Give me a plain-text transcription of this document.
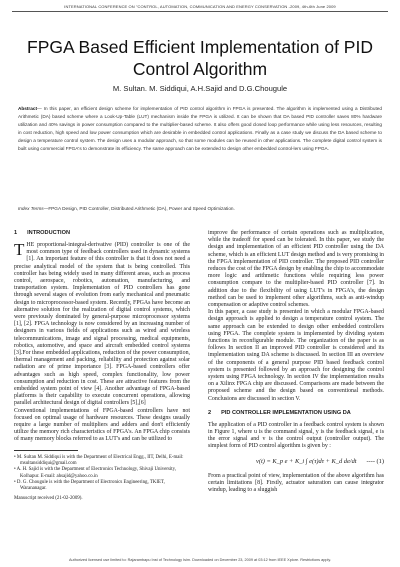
INTERNATIONAL CONFERENCE ON "CONTROL, AUTOMATION, COMMUNICATION AND ENERGY CONSERVATION -2009, 4th-6th June 2009
FPGA Based Efficient Implementation of PID
Control Algorithm
M. Sultan. M. Siddiqui, A.H.Sajid and D.G.Chougule
Abstract— In this paper, an efficient design scheme for implementation of PID control algorithm in FPGA is presented. The algorithm is implemented using a Distributed Arithmetic (DA) based scheme where a Look-Up-Table (LUT) mechanism inside the FPGA is utilized. It can be shown that DA based PID controller saves 80% hardware utilization and 40% savings in power consumption compared to the multiplier-based scheme. It also offers good closed loop performance while using less resources, resulting in cost reduction, high speed and low power consumption which are desirable in embedded control applications. Finally as a case study we discuss the DA based scheme to design a temperature control system. The design uses a modular approach, so that some modules can be reused in other applications. The complete digital control system is built using commercial FPGA's to demonstrate its efficiency. The same approach can be extended to design other embedded control-lers using FPGA.
Index Terms—FPGA Design, PID Controller, Distributed Arithmetic (DA), Power and Speed Optimization.
1 INTRODUCTION

THE proportional-integral-derivative (PID) controller is one of the most common type of feedback controllers used in dynamic systems [1]. An important feature of this controller is that it does not need a precise analytical model of the system that is being controlled. This controller has being widely used in many different areas, such as process control, aerospace, robotics, automation, manufacturing, and transportation system. Implementation of PID controllers has gone through several stages of evolution from early mechanical and pneumatic design to microprocessor-based system. Recently, FPGAs have become an alternative solution for the realization of digital control systems, which were previously dominated by general-purpose microprocessor systems [1], [2]. FPGA technology is now considered by an increasing number of designers in various fields of applications such as wired and wireless telecommunications, image and signal processing, medical equipments, robotics, automotive, and space and aircraft embedded control systems [3].For these embedded applications, reduction of the power consumption, thermal management and packing, reliability and protection against solar radiation are of prime importance [3]. FPGA-based controllers offer advantages such as high speed, complex functionality, low power consumption and reduction in cost. These are attractive features from the embedded system point of view [4]. Another advantage of FPGA-based platforms is their capability to execute concurrent operations, allowing parallel architectural design of digital controllers [5],[6]

Conventional implementations of FPGA-based controllers have not focused on optimal usage of hardware resources. These designs usually require a large number of multipliers and adders and don't efficiently utilize the memory rich characteristics of FPGA's. An FPGA chip consists of many memory blocks referred to as LUT's and can be utilized to

• M. Sultan M. Siddiqui is with the Department of Electrical Engg., IIT, Delhi, E-mail: msultansiddiqui@gmail.com

• A. H. Sajid is with the Department of Electronics Technology, Shivaji University, Kolhapur. E-mail: ahsajid@yahoo.co.in

• D. G. Chougule is with the Department of Electronics Engineering, TKIET, Warananagar.

Manuscript received (21-02-2009).

improve the performance of certain operations such as multiplication, while the tradeoff for speed can be tolerated. In this paper, we study the design and implementation of an efficient PID controller using the DA scheme, which is an efficient LUT design method and is very promising in the FPGA implementation of PID controller. The proposed PID controller reduces the cost of the FPGA design by enabling the chip to accommodate more logic and arithmetic functions while requiring less power consumption compare to the multiplier-based PID controller [7]. In addition due to the flexibility of using LUT's in FPGA's, the design method can be used to implement other algorithms, such as anti-windup compensation or adaptive control schemes.

In this paper, a case study is presented in which a modular FPGA-based design approach is applied to design a temperature control system. The same approach can be extended to design other embedded controllers using FPGA. The complete system is implemented by dividing system functions in reconfigurable module. The organization of the paper is as follows In section II an improved PID controller is considered and its implementation using DA scheme is discussed. In section III an overview of the components of a general purpose PID based feedback control system is presented followed by an approach for designing the control system using FPGA technology. In section IV the implementation results on a Xilinx FPGA chip are discussed. Comparisons are made between the proposed scheme and the design based on conventional methods. Conclusions are discussed in section V.

2 PID CONTROLLER IMPLEMENTATION USING DA

The application of a PID controller in a feedback control system is shown in Figure 1, where u is the command signal, y is the feedback signal, e is the error signal and v is the control output (controller output). The simplest form of PID control algorithm is given by :

v(t) = K_p e + K_i ∫ e(τ)dτ + K_d de/dt ---- (1)

From a practical point of view, implementation of the above algorithm has certain limitations [8]. Firstly, actuator saturation can cause integrator windup, leading to a sluggish

Authorized licensed use limited to: Rajarambapu Inst of Technology Isim. Downloaded on December 23, 2009 at 03:12 from IEEE Xplore. Restrictions apply.
